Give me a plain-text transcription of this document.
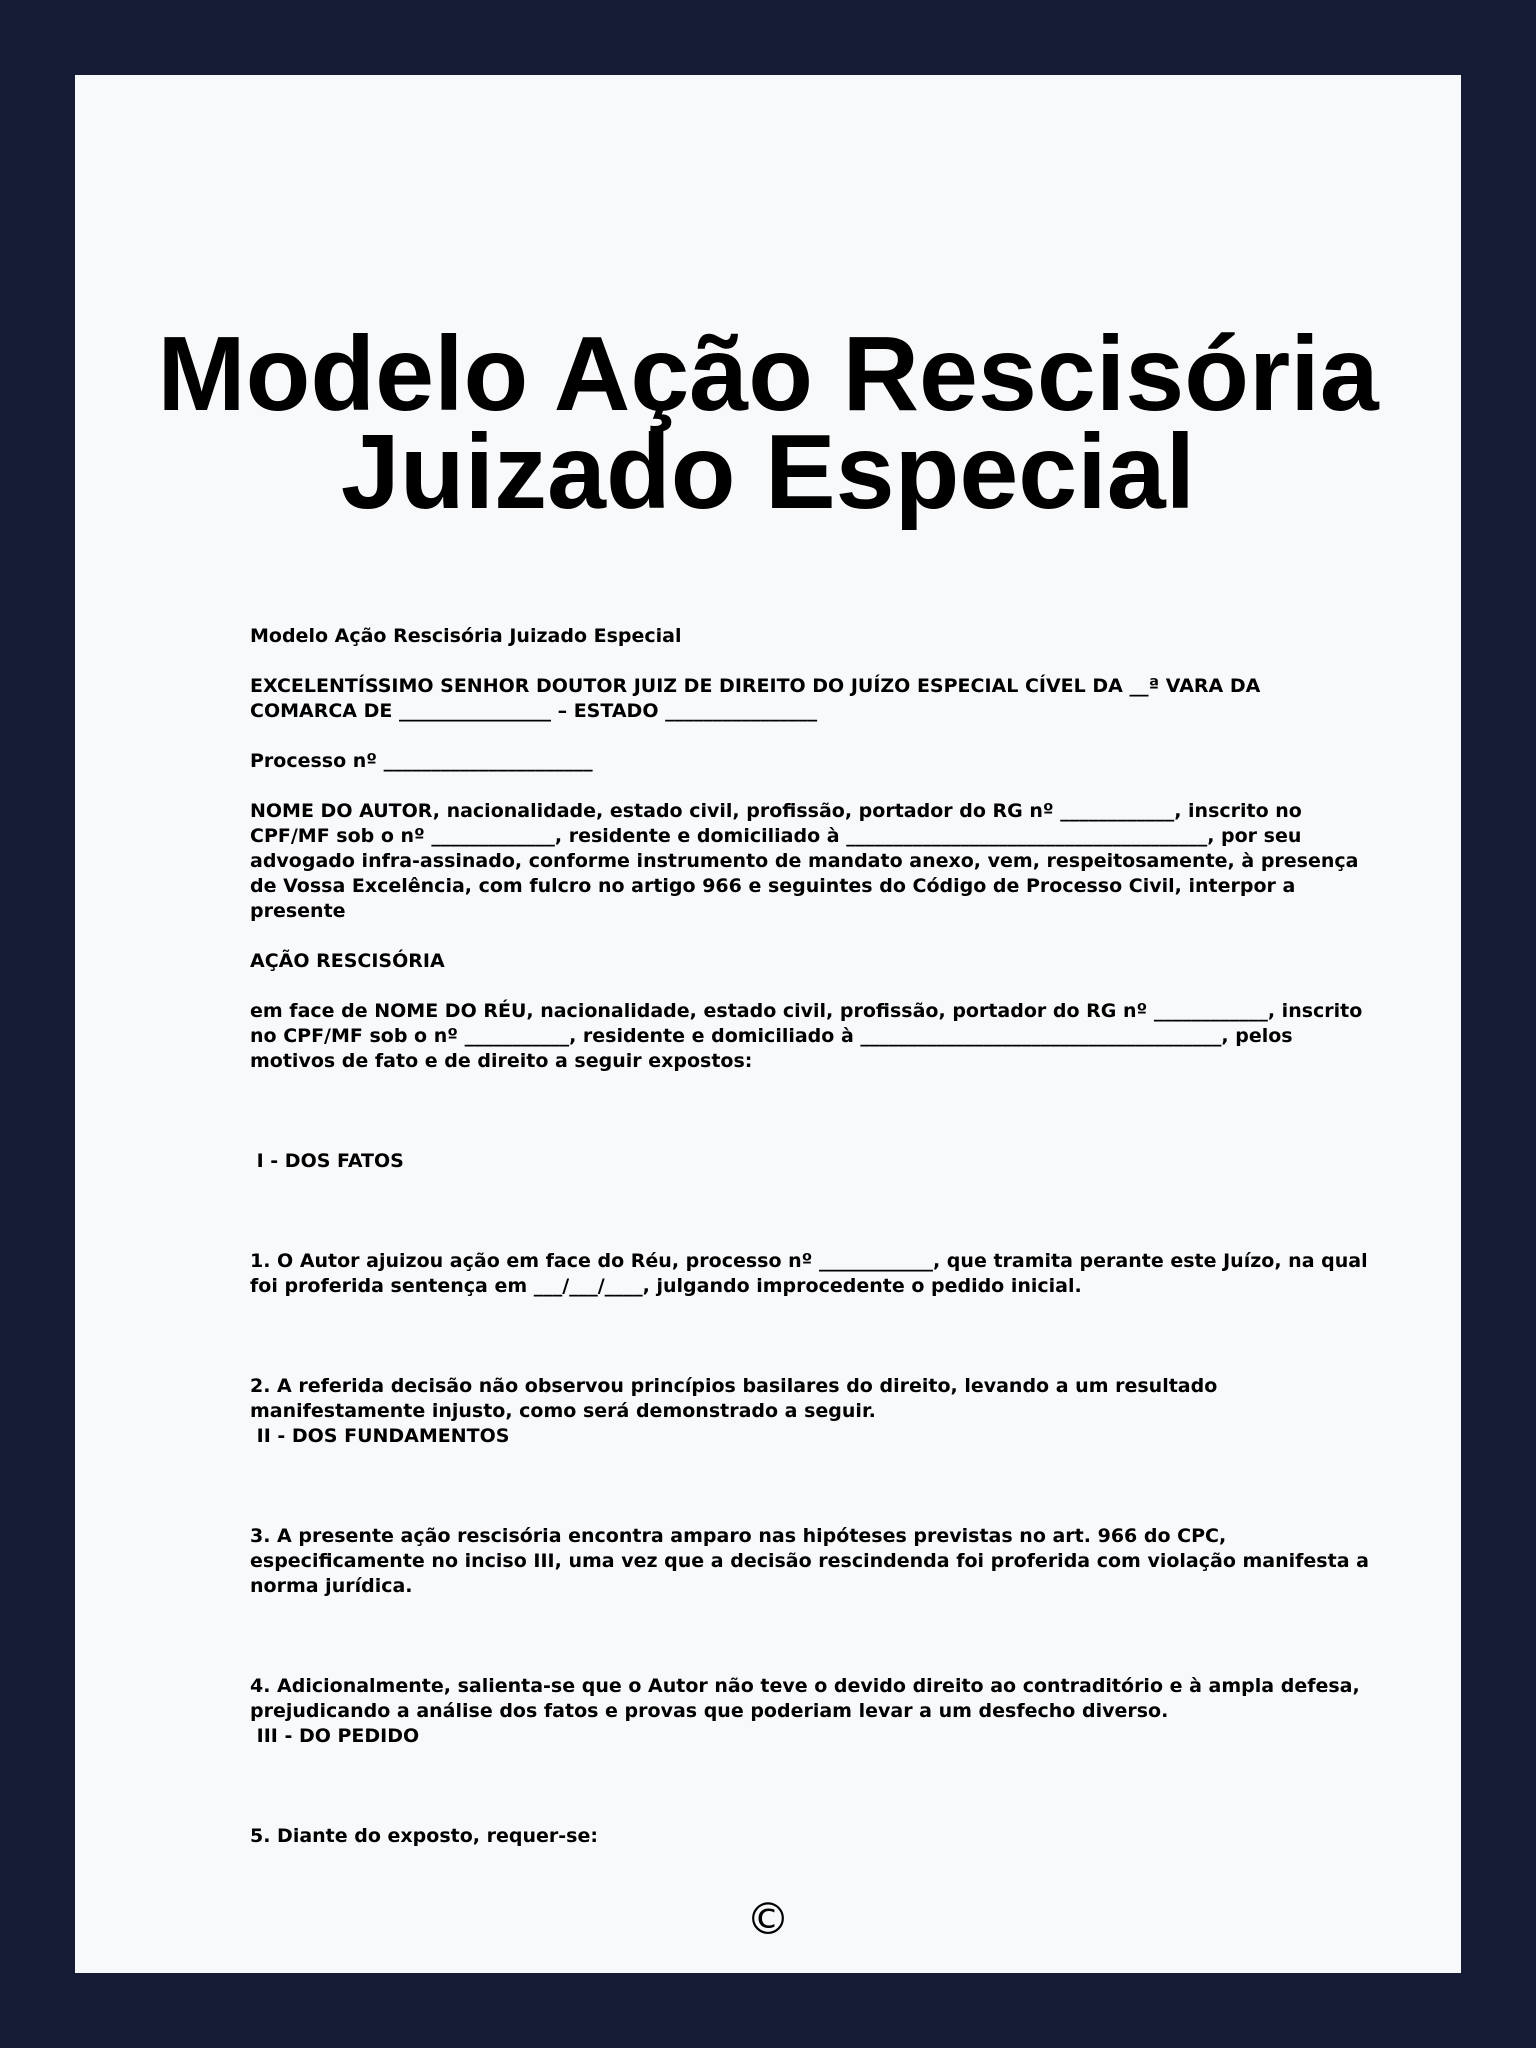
Modelo Ação Rescisória
Juizado Especial

Modelo Ação Rescisória Juizado Especial

EXCELENTÍSSIMO SENHOR DOUTOR JUIZ DE DIREITO DO JUÍZO ESPECIAL CÍVEL DA __ª VARA DA COMARCA DE ________________ – ESTADO ________________

Processo nº ______________________

NOME DO AUTOR, nacionalidade, estado civil, profissão, portador do RG nº ____________, inscrito no CPF/MF sob o nº _____________, residente e domiciliado à ______________________________________, por seu advogado infra-assinado, conforme instrumento de mandato anexo, vem, respeitosamente, à presença de Vossa Excelência, com fulcro no artigo 966 e seguintes do Código de Processo Civil, interpor a presente

AÇÃO RESCISÓRIA

em face de NOME DO RÉU, nacionalidade, estado civil, profissão, portador do RG nº ____________, inscrito no CPF/MF sob o nº ___________, residente e domiciliado à ______________________________________, pelos motivos de fato e de direito a seguir expostos:

I - DOS FATOS

1. O Autor ajuizou ação em face do Réu, processo nº ____________, que tramita perante este Juízo, na qual foi proferida sentença em ___/___/____, julgando improcedente o pedido inicial.

2. A referida decisão não observou princípios basilares do direito, levando a um resultado manifestamente injusto, como será demonstrado a seguir.

II - DOS FUNDAMENTOS

3. A presente ação rescisória encontra amparo nas hipóteses previstas no art. 966 do CPC, especificamente no inciso III, uma vez que a decisão rescindenda foi proferida com violação manifesta a norma jurídica.

4. Adicionalmente, salienta-se que o Autor não teve o devido direito ao contraditório e à ampla defesa, prejudicando a análise dos fatos e provas que poderiam levar a um desfecho diverso.

III - DO PEDIDO

5. Diante do exposto, requer-se:

©
